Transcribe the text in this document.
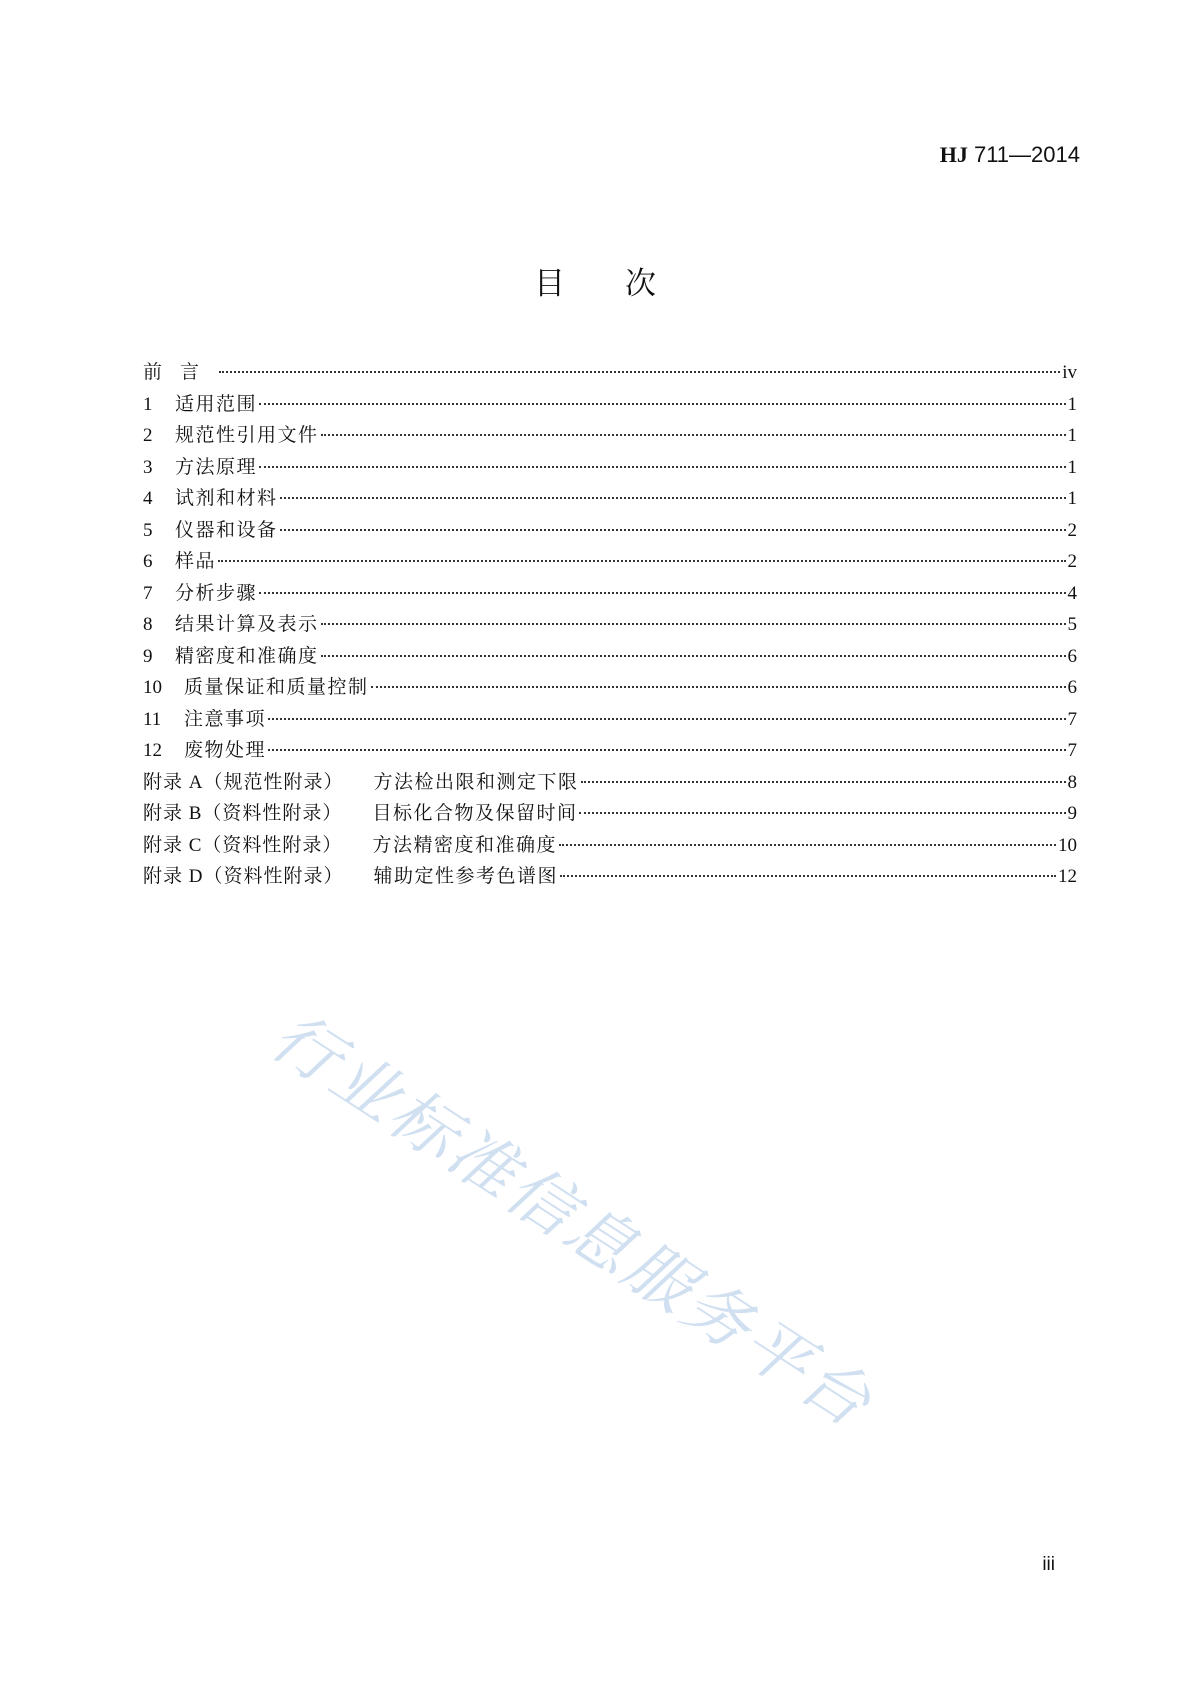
HJ 711—2014
目次
前言	iv
1	适用范围	1
2	规范性引用文件	1
3	方法原理	1
4	试剂和材料	1
5	仪器和设备	2
6	样品	2
7	分析步骤	4
8	结果计算及表示	5
9	精密度和准确度	6
10	质量保证和质量控制	6
11	注意事项	7
12	废物处理	7
附录 A（规范性附录） 方法检出限和测定下限	8
附录 B（资料性附录） 目标化合物及保留时间	9
附录 C（资料性附录） 方法精密度和准确度	10
附录 D（资料性附录） 辅助定性参考色谱图	12
行业标准信息服务平台
iii
